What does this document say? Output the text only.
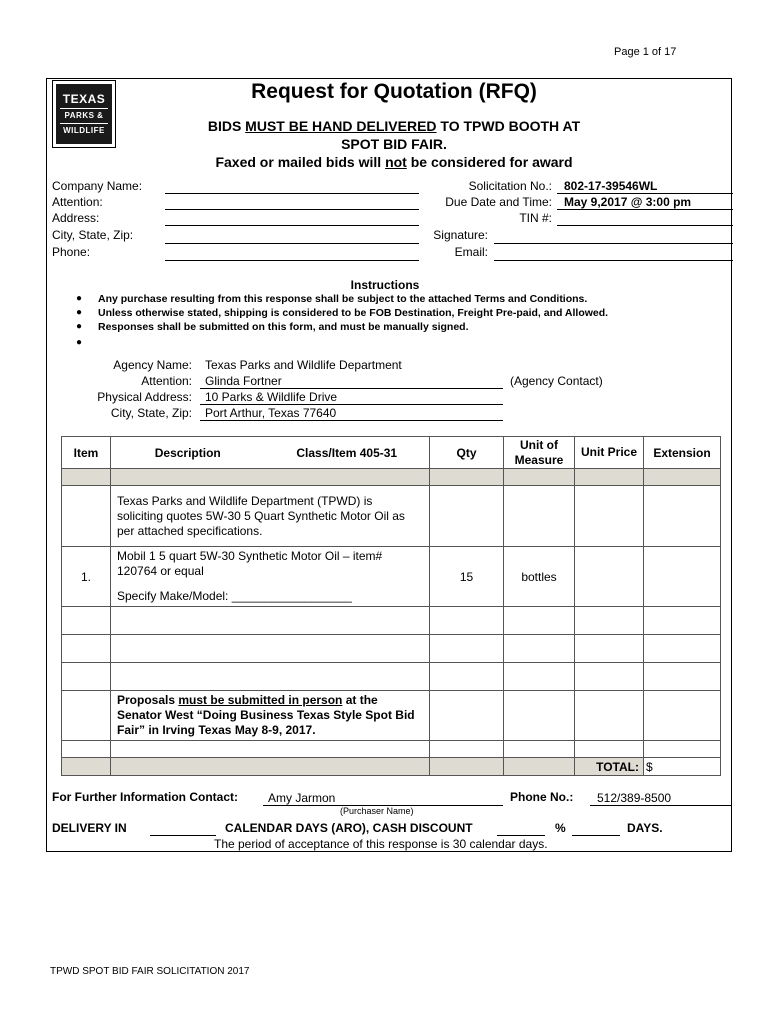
Page 1 of 17
TEXAS
PARKS &
WILDLIFE
Request for Quotation (RFQ)
BIDS MUST BE HAND DELIVERED TO TPWD BOOTH AT
SPOT BID FAIR.
Faxed or mailed bids will not be considered for award
Company Name:
Attention:
Address:
City, State, Zip:
Phone:
Solicitation No.: 802-17-39546WL
Due Date and Time: May 9,2017 @ 3:00 pm
TIN #:
Signature:
Email:
Instructions
● Any purchase resulting from this response shall be subject to the attached Terms and Conditions.
● Unless otherwise stated, shipping is considered to be FOB Destination, Freight Pre-paid, and Allowed.
● Responses shall be submitted on this form, and must be manually signed.
●
Agency Name: Texas Parks and Wildlife Department
Attention: Glinda Fortner	(Agency Contact)
Physical Address: 10 Parks & Wildlife Drive
City, State, Zip: Port Arthur, Texas 77640
Item	Description	Class/Item 405-31	Qty	Unit of Measure	Unit Price	Extension

	Texas Parks and Wildlife Department (TPWD) is soliciting quotes 5W-30 5 Quart Synthetic Motor Oil as per attached specifications.					

1.	Mobil 1 5 quart 5W-30 Synthetic Motor Oil – item# 120764 or equal
Specify Make/Model: __________________		15	bottles		

	Proposals must be submitted in person at the Senator West “Doing Business Texas Style Spot Bid Fair” in Irving Texas May 8-9, 2017.					

					TOTAL:	$
For Further Information Contact:	Amy Jarmon
(Purchaser Name)
Phone No.: 512/389-8500
DELIVERY IN	CALENDAR DAYS (ARO), CASH DISCOUNT	%	DAYS.
The period of acceptance of this response is 30 calendar days.
TPWD SPOT BID FAIR SOLICITATION 2017
